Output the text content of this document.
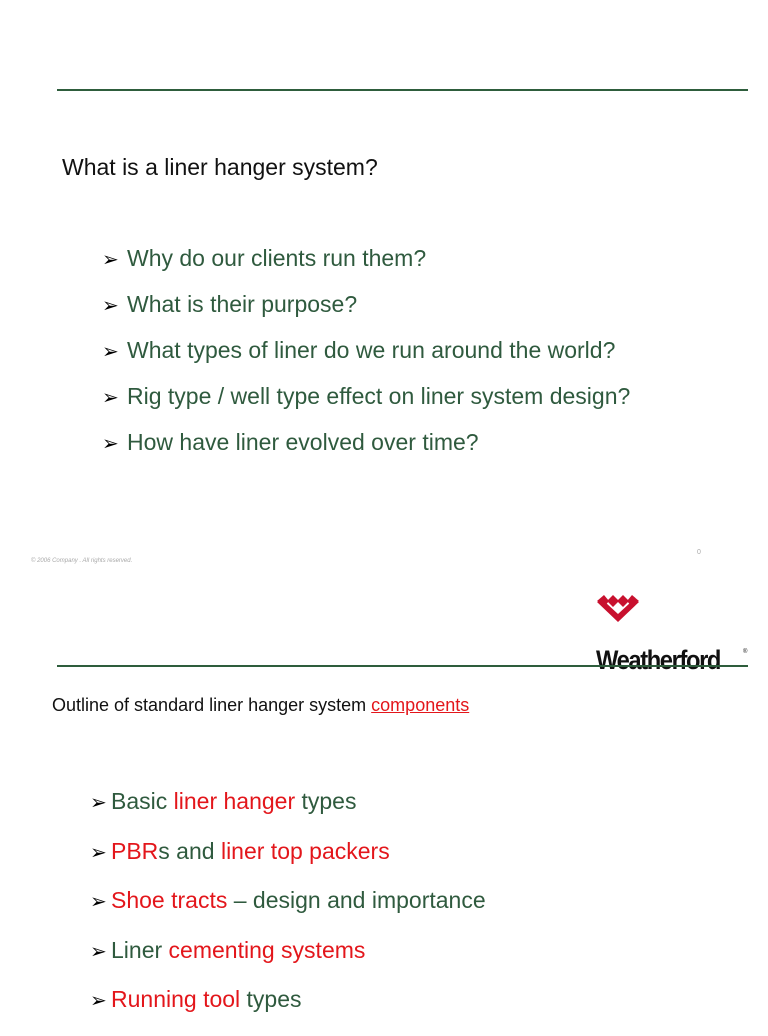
What is a liner hanger system?
➢ Why do our clients run them?
➢ What is their purpose?
➢ What types of liner do we run around the world?
➢ Rig type / well type effect on liner system design?
➢ How have liner evolved over time?
© 2006 Company . All rights reserved.
0
Weatherford	®
Outline of standard liner hanger system components
➢ Basic liner hanger types
➢ PBRs and liner top packers
➢ Shoe tracts – design and importance
➢ Liner cementing systems
➢ Running tool types
